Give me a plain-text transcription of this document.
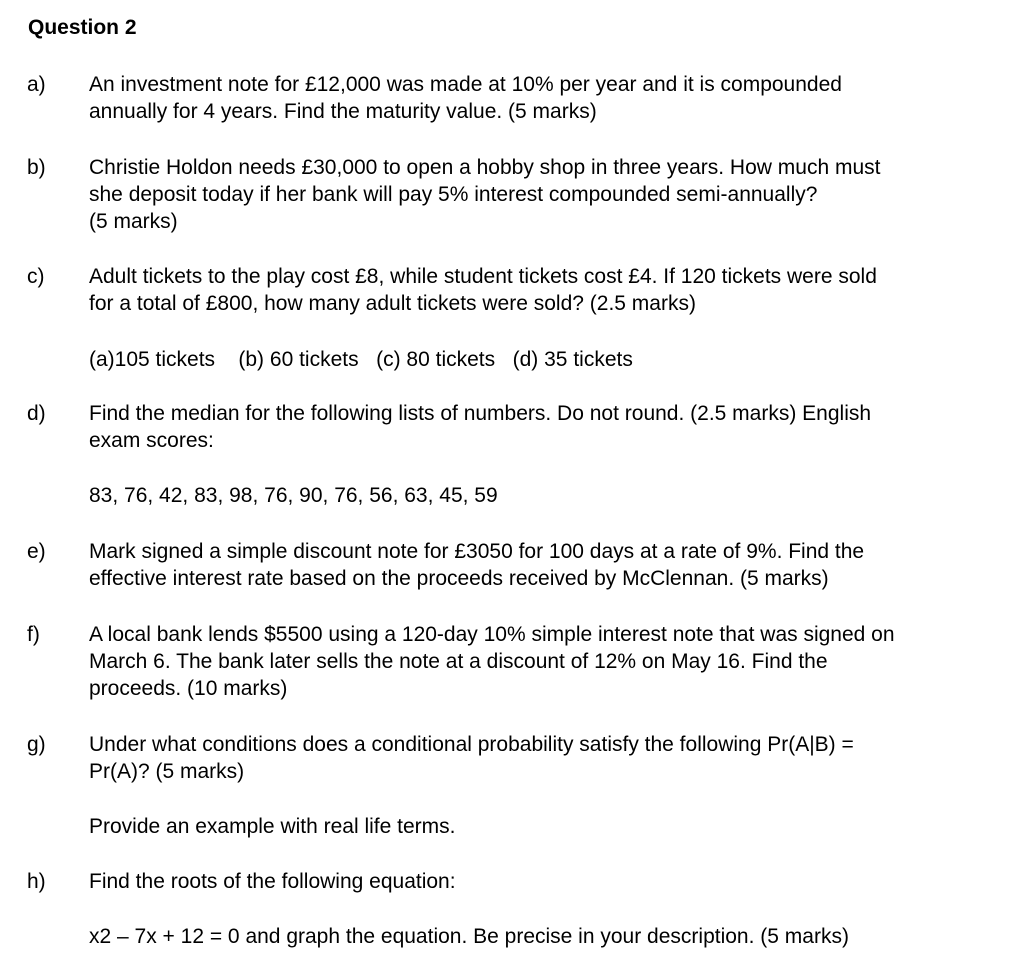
Question 2
a) An investment note for £12,000 was made at 10% per year and it is compounded
annually for 4 years. Find the maturity value. (5 marks)
b) Christie Holdon needs £30,000 to open a hobby shop in three years. How much must
she deposit today if her bank will pay 5% interest compounded semi-annually?
(5 marks)
c) Adult tickets to the play cost £8, while student tickets cost £4. If 120 tickets were sold
for a total of £800, how many adult tickets were sold? (2.5 marks)
(a)105 tickets    (b) 60 tickets   (c) 80 tickets   (d) 35 tickets
d) Find the median for the following lists of numbers. Do not round. (2.5 marks) English
exam scores:
83, 76, 42, 83, 98, 76, 90, 76, 56, 63, 45, 59
e) Mark signed a simple discount note for £3050 for 100 days at a rate of 9%. Find the
effective interest rate based on the proceeds received by McClennan. (5 marks)
f) A local bank lends $5500 using a 120-day 10% simple interest note that was signed on
March 6. The bank later sells the note at a discount of 12% on May 16. Find the
proceeds. (10 marks)
g) Under what conditions does a conditional probability satisfy the following Pr(A|B) =
Pr(A)? (5 marks)
Provide an example with real life terms.
h) Find the roots of the following equation:
x2 – 7x + 12 = 0 and graph the equation. Be precise in your description. (5 marks)
